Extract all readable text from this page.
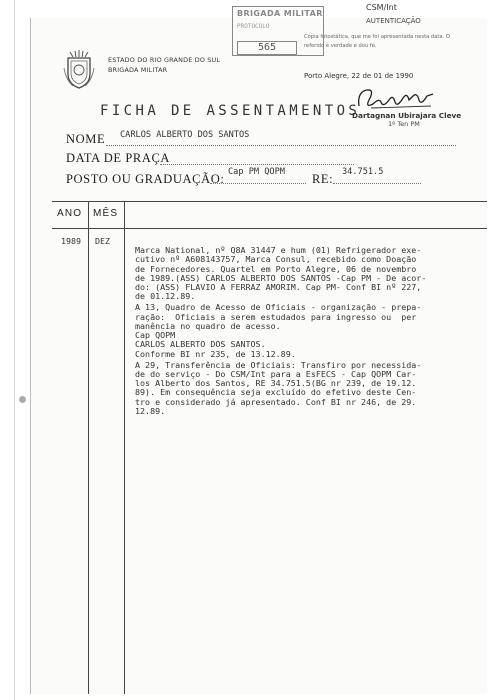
ESTADO DO RIO GRANDE DO SUL
BRIGADA MILITAR
BRIGADA MILITAR
PROTOCOLO
565
CSM/Int
AUTENTICAÇÃO
Cópia fotostática, que me foi apresentada nesta data. O referido é verdade e dou fé.
Porto Alegre, 22 de 01 de 1990
Dartagnan Ubirajara Cleve
1º Ten PM
FICHA DE ASSENTAMENTOS
NOME CARLOS ALBERTO DOS SANTOS
DATA DE PRAÇA
POSTO OU GRADUAÇÃO: Cap PM QOPM RE: 34.751.5
ANO MÊS
1989 DEZ

Marca National, nº Q8A 31447 e hum (01) Refrigerador exe-

cutivo nº A608143757, Marca Consul, recebido como Doação

de Fornecedores. Quartel em Porto Alegre, 06 de novembro

de 1989.(ASS) CARLOS ALBERTO DOS SANTOS -Cap PM - De acor-

do: (ASS) FLAVIO A FERRAZ AMORIM. Cap PM- Conf BI nº 227,

de 01.12.89.

A 13, Quadro de Acesso de Oficiais - organização - prepa-

ração:  Oficiais a serem estudados para ingresso ou  per

manência no quadro de acesso.

Cap QOPM

CARLOS ALBERTO DOS SANTOS.

Conforme BI nr 235, de 13.12.89.

A 29, Transferência de Oficiais: Transfiro por necessida-

de do serviço - Do CSM/Int para a EsFECS - Cap QOPM Car-

los Alberto dos Santos, RE 34.751.5(BG nr 239, de 19.12.

89). Em consequência seja excluído do efetivo deste Cen-

tro e considerado já apresentado. Conf BI nr 246, de 29.

12.89.
